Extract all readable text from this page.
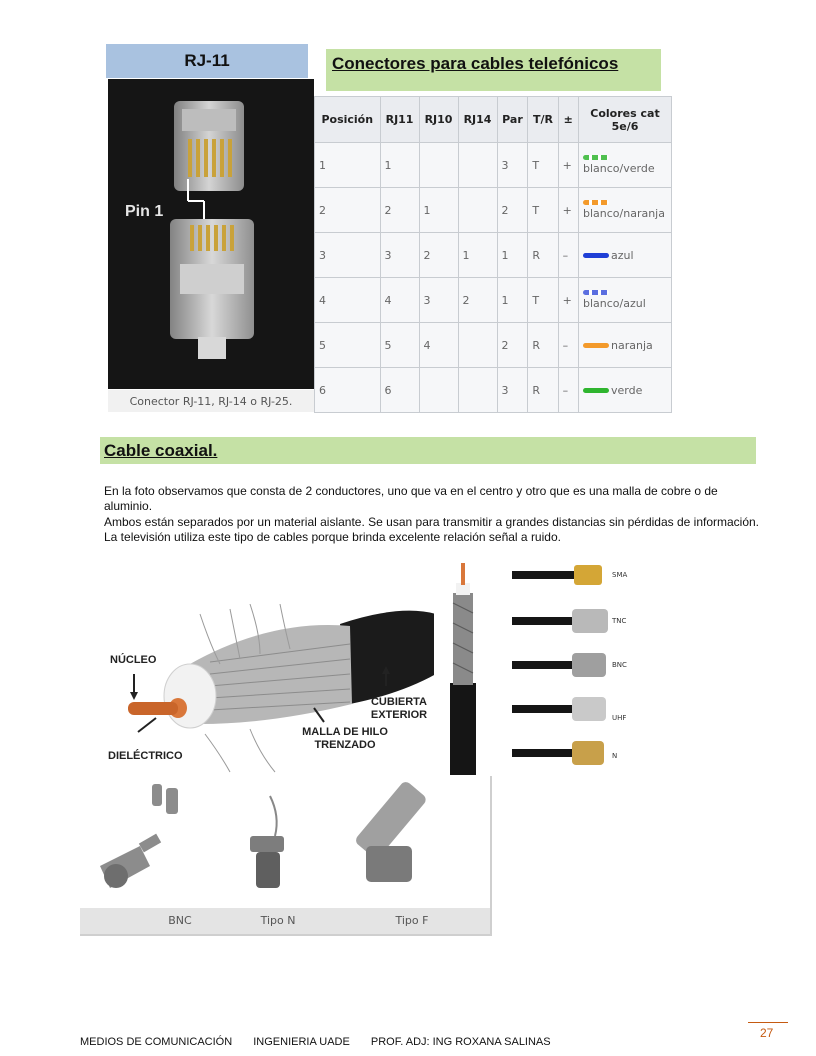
RJ-11
Pin 1
Conector RJ-11, RJ-14 o RJ-25.
Conectores para cables telefónicos
Posición	RJ11	RJ10	RJ14	Par	T/R	±	Colores cat 5e/6
1	1			3	T	+	blanco/verde
2	2	1		2	T	+	blanco/naranja
3	3	2	1	1	R	–	azul
4	4	3	2	1	T	+	blanco/azul
5	5	4		2	R	–	naranja
6	6			3	R	–	verde
Cable coaxial.
En la foto observamos que consta de 2 conductores, uno que va en el centro y otro que es una malla de cobre o de aluminio.
Ambos están separados por un material aislante. Se usan para transmitir a grandes distancias sin pérdidas de información. La televisión utiliza este tipo de cables porque brinda excelente relación señal a ruido.
NÚCLEO
DIELÉCTRICO
MALLA DE HILO TRENZADO
CUBIERTA EXTERIOR
SMA
TNC
BNC
UHF
N
BNC	Tipo N	Tipo F
27
MEDIOS DE COMUNICACIÓN INGENIERIA UADE PROF. ADJ: ING ROXANA SALINAS
